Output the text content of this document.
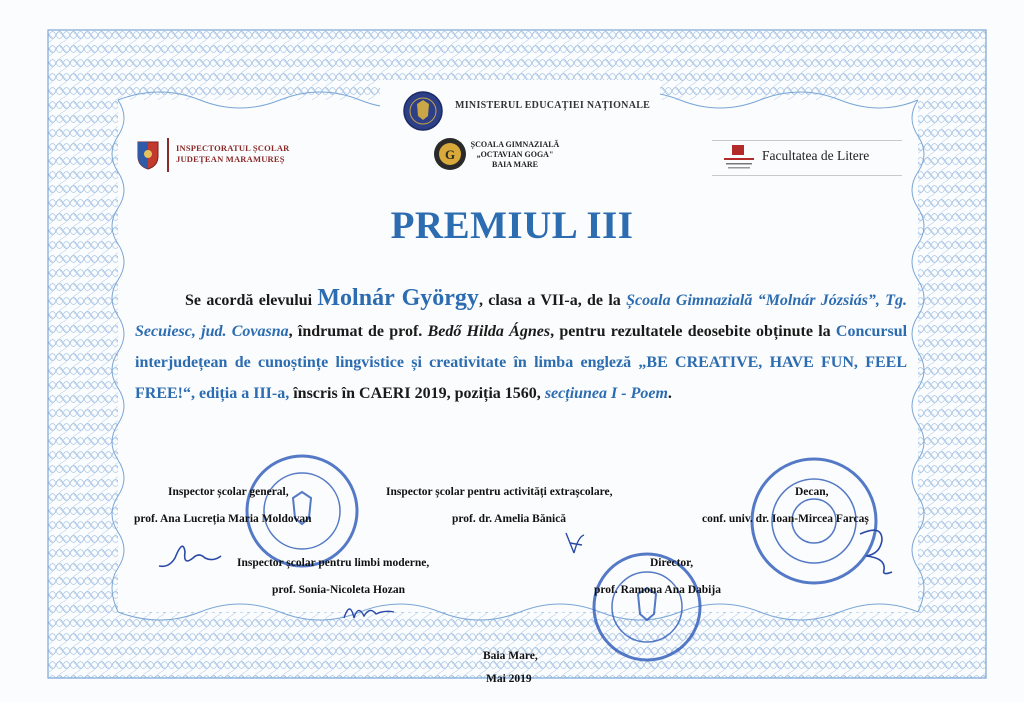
MINISTERUL EDUCAȚIEI NAȚIONALE
INSPECTORATUL ȘCOLAR
JUDEȚEAN MARAMUREȘ	G
ȘCOALA GIMNAZIALĂ
„OCTAVIAN GOGA"
BAIA MARE
Facultatea de Litere
PREMIUL III
Se acordă elevului Molnár György, clasa a VII-a, de la Școala Gimnazială “Molnár Józsiás”, Tg. Secuiesc, jud. Covasna, îndrumat de prof. Bedő Hilda Ágnes, pentru rezultatele deosebite obținute la Concursul interjudețean de cunoștințe lingvistice și creativitate în limba engleză „BE CREATIVE, HAVE FUN, FEEL FREE!“, ediția a III-a, înscris în CAERI 2019, poziția 1560, secțiunea I - Poem.
Inspector școlar general,
prof. Ana Lucreția Maria Moldovan
Inspector școlar pentru activități extrașcolare,
prof. dr. Amelia Bănică
Decan,
conf. univ. dr. Ioan-Mircea Farcaș
Inspector școlar pentru limbi moderne,
prof. Sonia-Nicoleta Hozan
Director,
prof. Ramona Ana Dabija
Baia Mare,
Mai 2019
